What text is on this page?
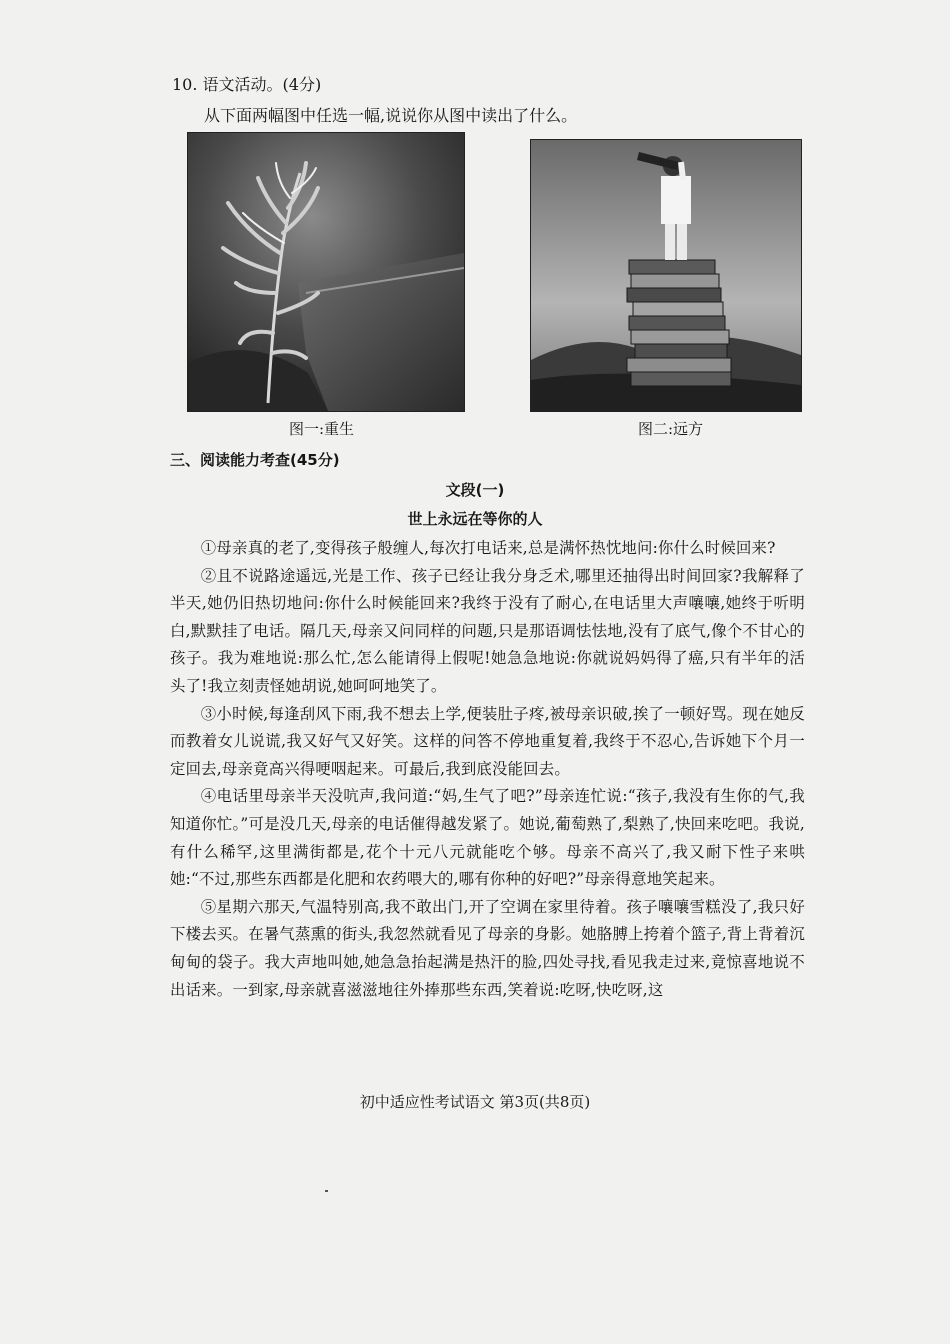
10. 语文活动。(4分)
从下面两幅图中任选一幅,说说你从图中读出了什么。
图一:重生	图二:远方
三、阅读能力考查(45分)
文段(一)
世上永远在等你的人

①母亲真的老了,变得孩子般缠人,每次打电话来,总是满怀热忱地问:你什么时候回来?

②且不说路途遥远,光是工作、孩子已经让我分身乏术,哪里还抽得出时间回家?我解释了半天,她仍旧热切地问:你什么时候能回来?我终于没有了耐心,在电话里大声嚷嚷,她终于听明白,默默挂了电话。隔几天,母亲又问同样的问题,只是那语调怯怯地,没有了底气,像个不甘心的孩子。我为难地说:那么忙,怎么能请得上假呢!她急急地说:你就说妈妈得了癌,只有半年的活头了!我立刻责怪她胡说,她呵呵地笑了。

③小时候,每逢刮风下雨,我不想去上学,便装肚子疼,被母亲识破,挨了一顿好骂。现在她反而教着女儿说谎,我又好气又好笑。这样的问答不停地重复着,我终于不忍心,告诉她下个月一定回去,母亲竟高兴得哽咽起来。可最后,我到底没能回去。

④电话里母亲半天没吭声,我问道:“妈,生气了吧?”母亲连忙说:“孩子,我没有生你的气,我知道你忙。”可是没几天,母亲的电话催得越发紧了。她说,葡萄熟了,梨熟了,快回来吃吧。我说,有什么稀罕,这里满街都是,花个十元八元就能吃个够。母亲不高兴了,我又耐下性子来哄她:“不过,那些东西都是化肥和农药喂大的,哪有你种的好吧?”母亲得意地笑起来。

⑤星期六那天,气温特别高,我不敢出门,开了空调在家里待着。孩子嚷嚷雪糕没了,我只好下楼去买。在暑气蒸熏的街头,我忽然就看见了母亲的身影。她胳膊上挎着个篮子,背上背着沉甸甸的袋子。我大声地叫她,她急急抬起满是热汗的脸,四处寻找,看见我走过来,竟惊喜地说不出话来。一到家,母亲就喜滋滋地往外捧那些东西,笑着说:吃呀,快吃呀,这

初中适应性考试语文 第3页(共8页)
